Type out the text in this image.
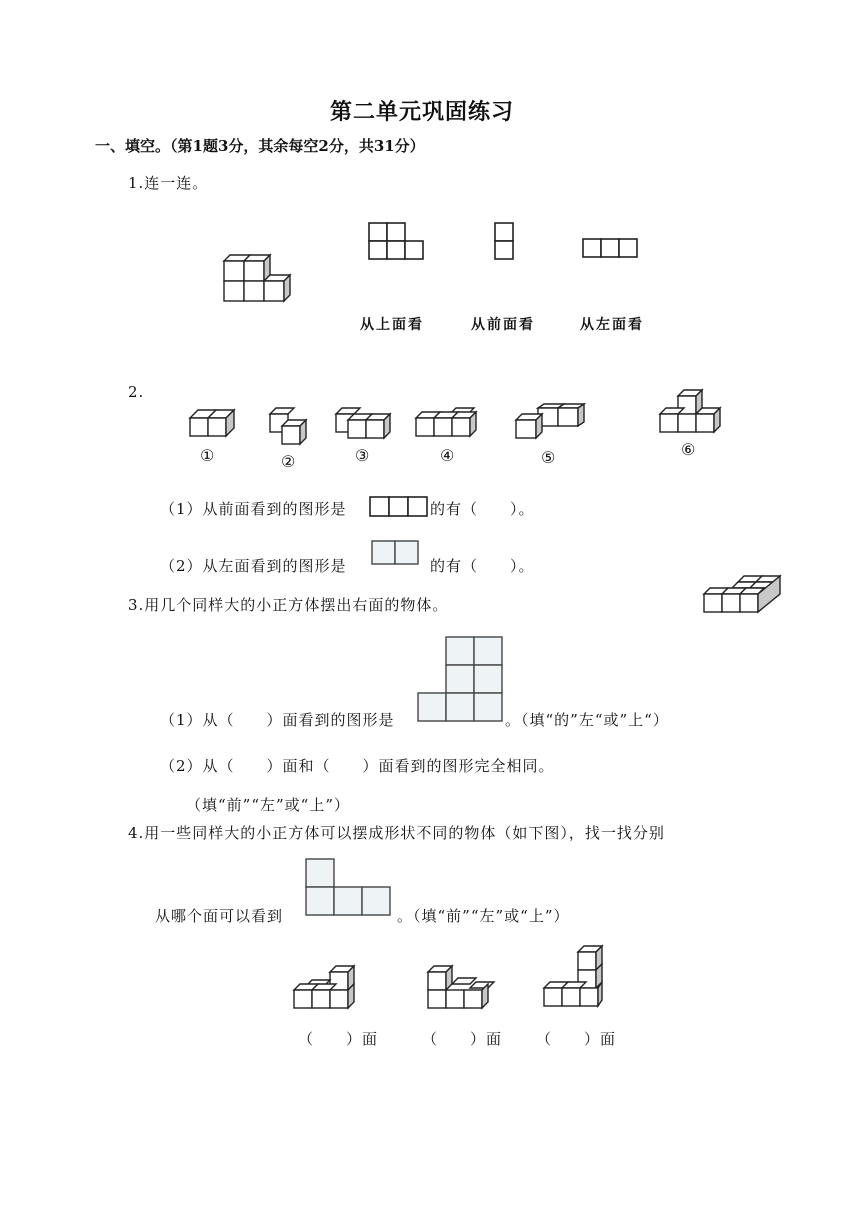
第二单元巩固练习
一、填空。（第1题3分，其余每空2分，共31分）
1.连一连。
从上面看	从前面看	从左面看
2.
①	②	③	④	⑤	⑥
（1）从前面看到的图形是	的有（　　）。
（2）从左面看到的图形是	的有（　　）。
3.用几个同样大的小正方体摆出右面的物体。
（1）从（　　）面看到的图形是	。（填“的”左“或”上“）
（2）从（　　）面和（　　）面看到的图形完全相同。
（填“前”“左”或“上”）
4.用一些同样大的小正方体可以摆成形状不同的物体（如下图），找一找分别
从哪个面可以看到	。（填“前”“左”或“上”）
（　　）面	（　　）面 （　　）面
